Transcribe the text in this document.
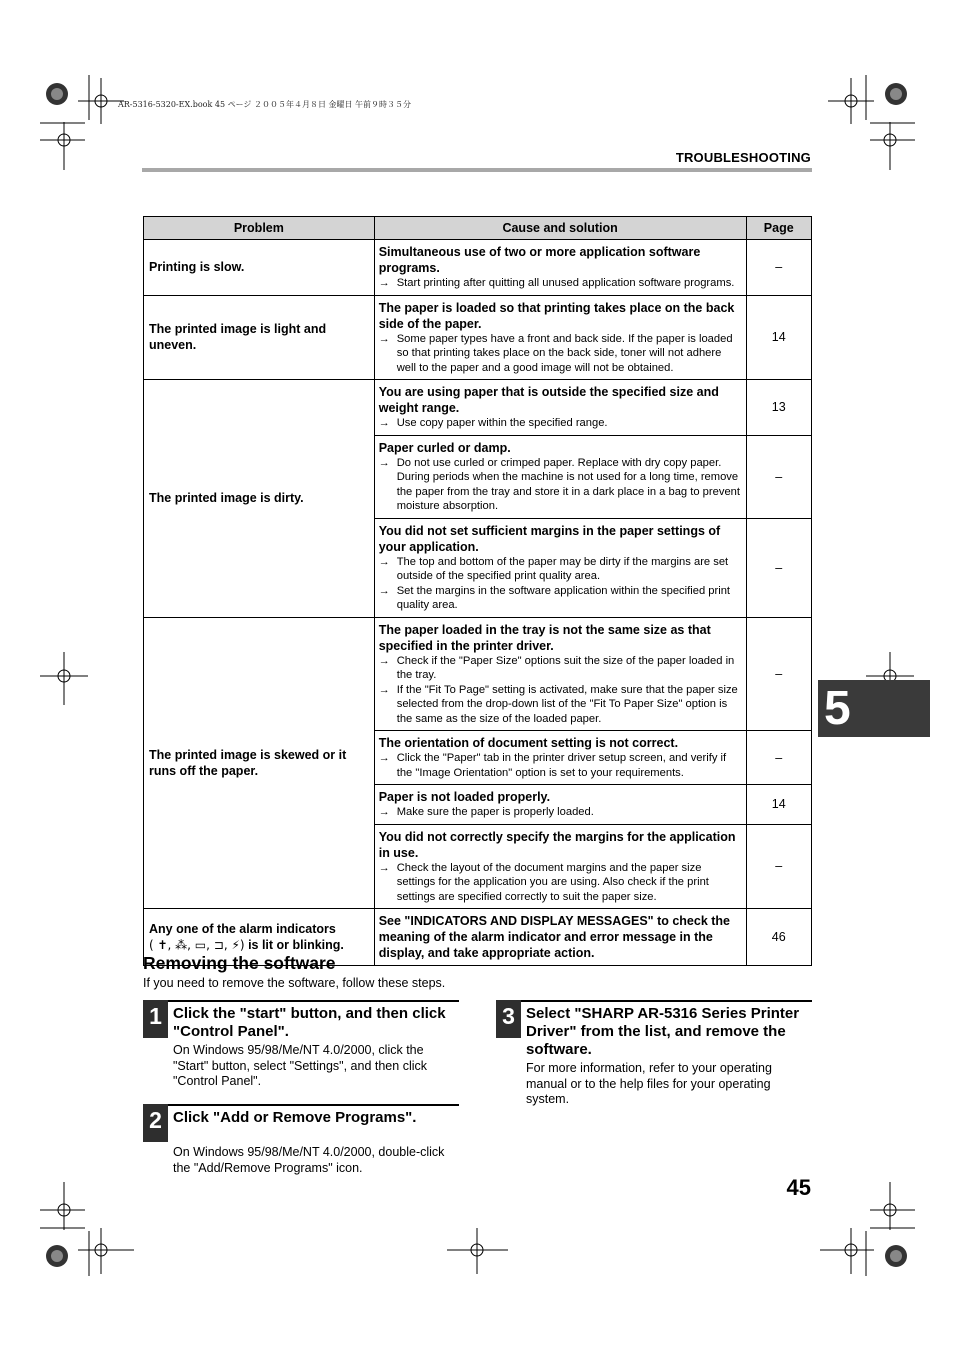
AR-5316-5320-EX.book 45 ページ ２００５年４月８日 金曜日 午前９時３５分
TROUBLESHOOTING
Problem	Cause and solution	Page
Printing is slow.	Simultaneous use of two or more application software programs.
→ Start printing after quitting all unused application software programs.	–
The printed image is light and uneven.	The paper is loaded so that printing takes place on the back side of the paper.
→ Some paper types have a front and back side. If the paper is loaded so that printing takes place on the back side, toner will not adhere well to the paper and a good image will not be obtained.	14
The printed image is dirty.	You are using paper that is outside the specified size and weight range.
→ Use copy paper within the specified range.	13

	Paper curled or damp.
→ Do not use curled or crimped paper. Replace with dry copy paper. During periods when the machine is not used for a long time, remove the paper from the tray and store it in a dark place in a bag to prevent moisture absorption.	–

	You did not set sufficient margins in the paper settings of your application.
→ The top and bottom of the paper may be dirty if the margins are set outside of the specified print quality area.
→ Set the margins in the software application within the specified print quality area.	–
The printed image is skewed or it runs off the paper.	The paper loaded in the tray is not the same size as that specified in the printer driver.
→ Check if the "Paper Size" options suit the size of the paper loaded in the tray.
→ If the "Fit To Page" setting is activated, make sure that the paper size selected from the drop-down list of the "Fit To Paper Size" option is the same as the size of the loaded paper.	–

	The orientation of document setting is not correct.
→ Click the "Paper" tab in the printer driver setup screen, and verify if the "Image Orientation" option is set to your requirements.	–

	Paper is not loaded properly.
→ Make sure the paper is properly loaded.	14

	You did not correctly specify the margins for the application in use.
→ Check the layout of the document margins and the paper size settings for the application you are using. Also check if the print settings are specified correctly to suit the paper size.	–
Any one of the alarm indicators
( ✝, ⁂, ▭, ⊐, ⚡) is lit or blinking.	See "INDICATORS AND DISPLAY MESSAGES" to check the meaning of the alarm indicator and error message in the display, and take appropriate action.	46
Removing the software
If you need to remove the software, follow these steps.
1 Click the "start" button, and then click "Control Panel".
On Windows 95/98/Me/NT 4.0/2000, click the "Start" button, select "Settings", and then click "Control Panel".
2 Click "Add or Remove Programs".
On Windows 95/98/Me/NT 4.0/2000, double-click the "Add/Remove Programs" icon.
3 Select "SHARP AR-5316 Series Printer Driver" from the list, and remove the software.
For more information, refer to your operating manual or to the help files for your operating system.
5
45
